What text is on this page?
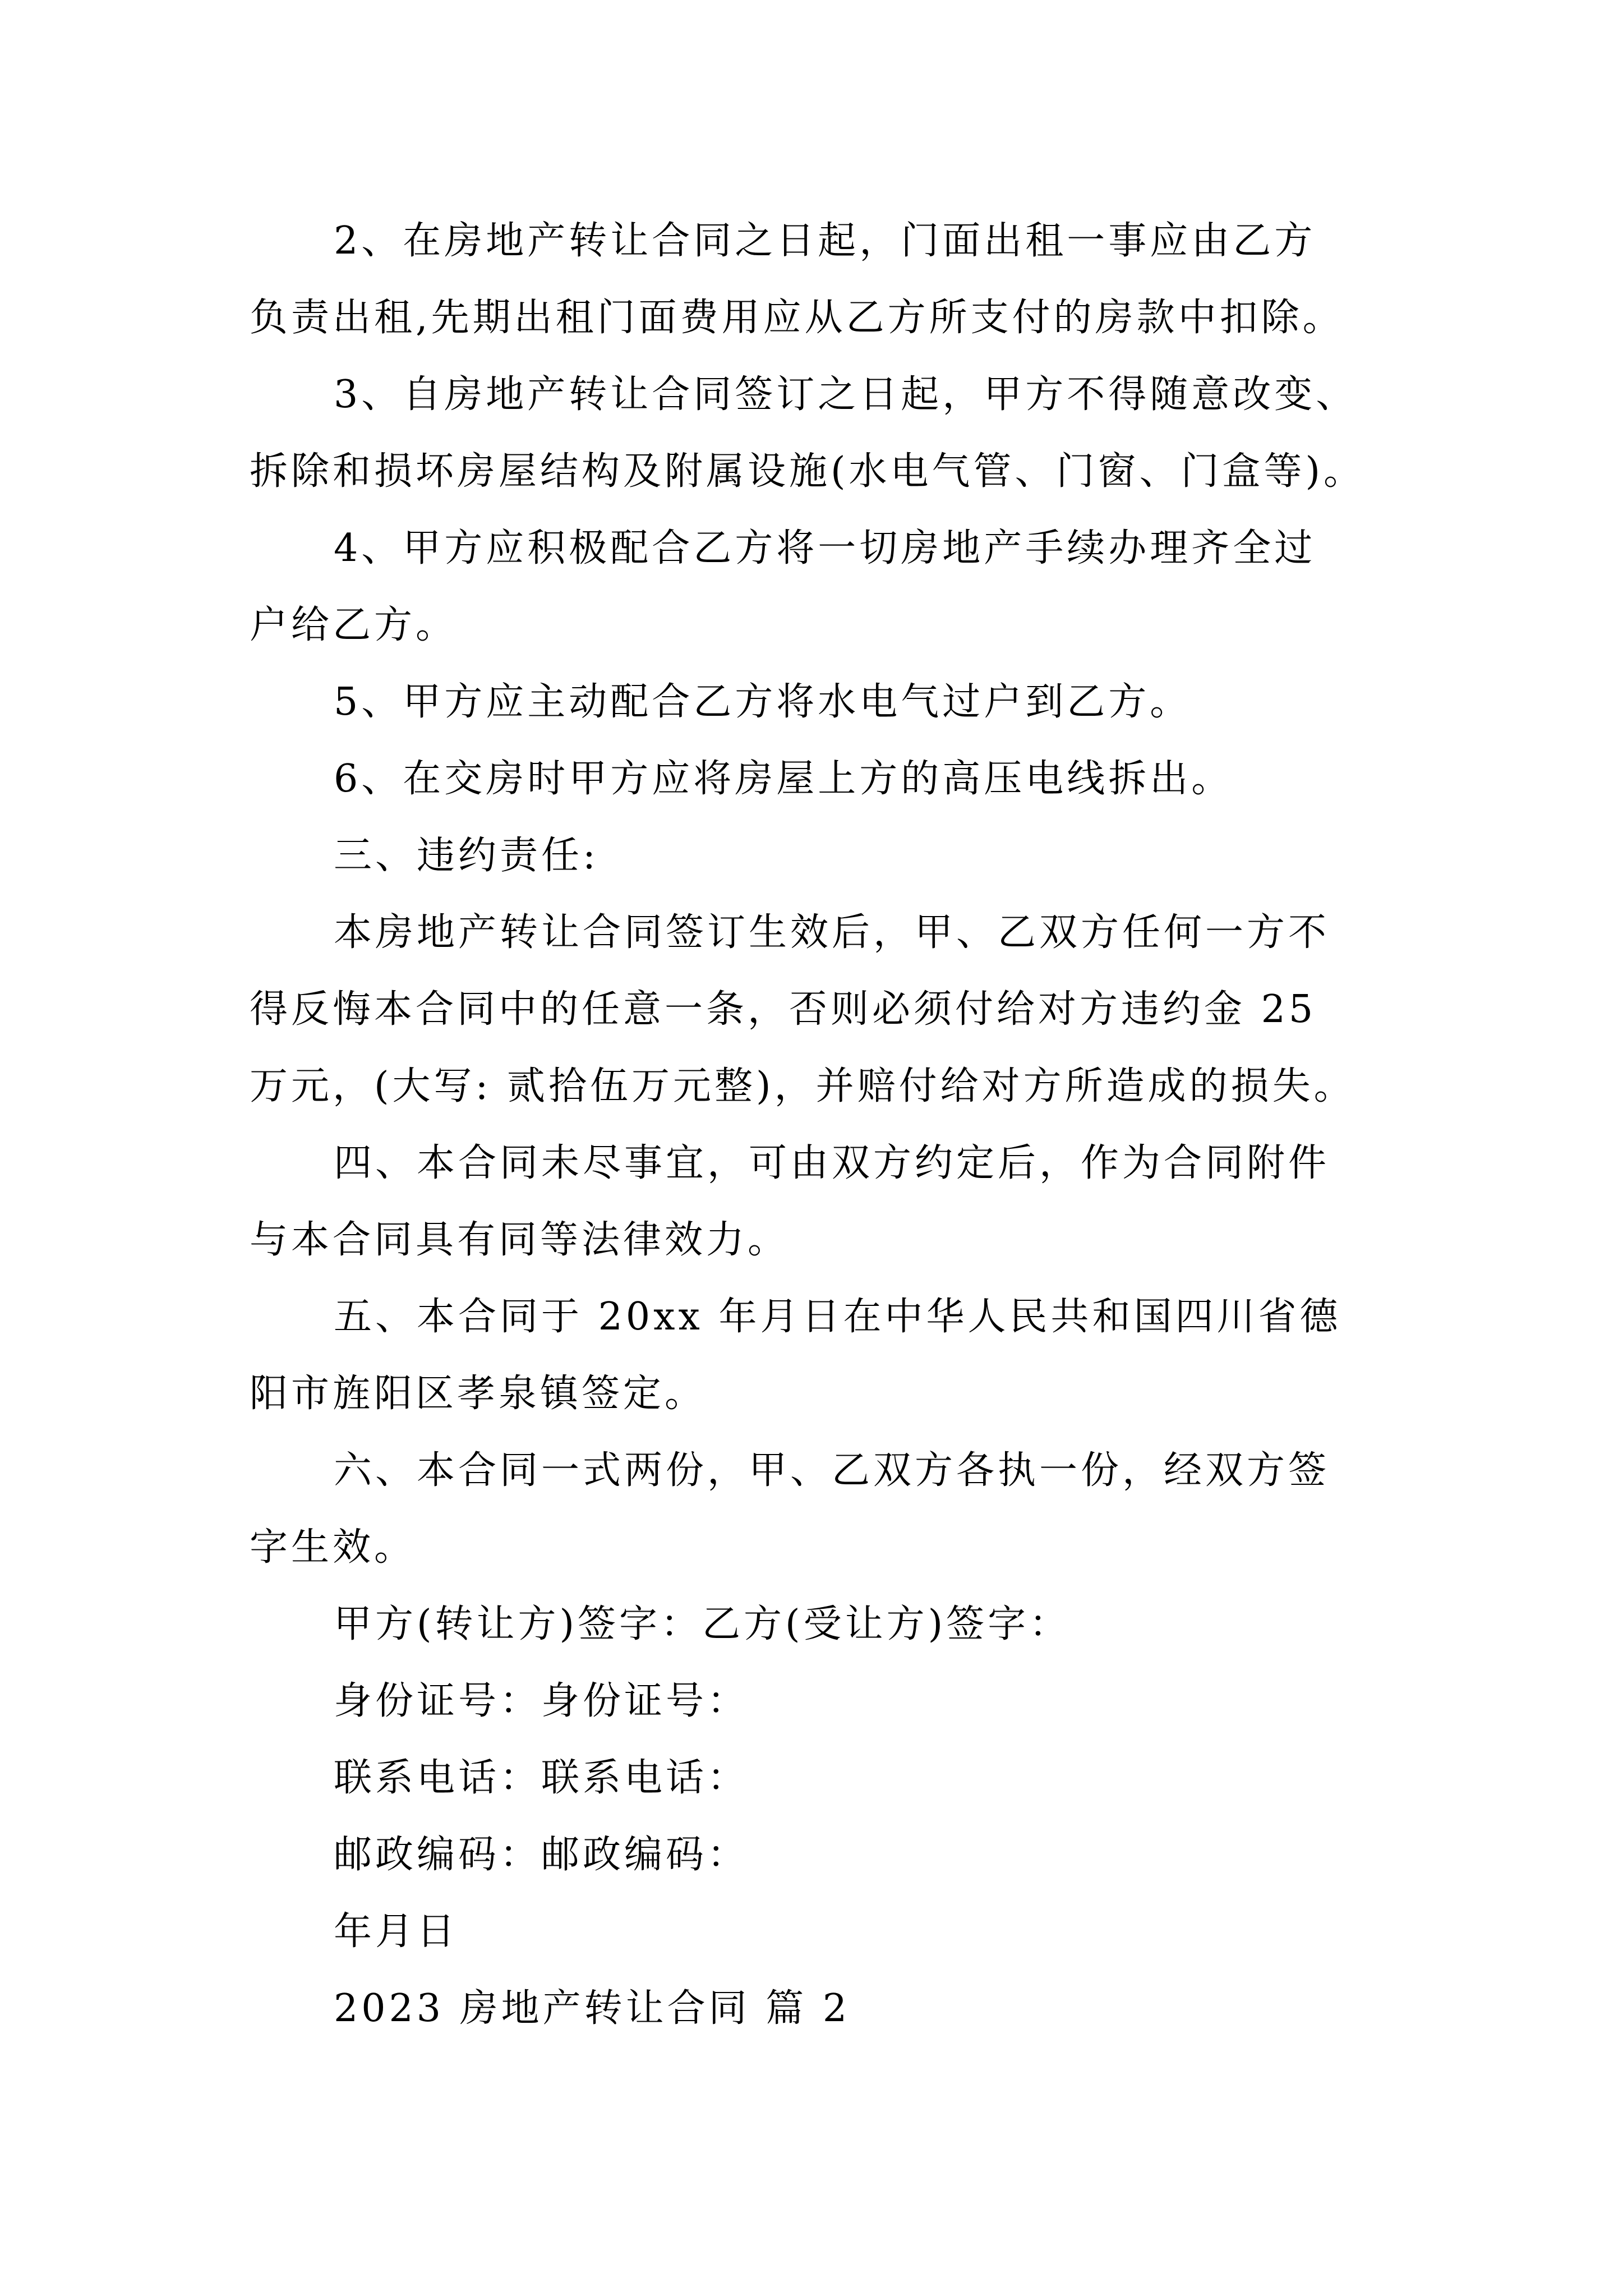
2、在房地产转让合同之日起，门面出租一事应由乙方
负责出租,先期出租门面费用应从乙方所支付的房款中扣除。
3、自房地产转让合同签订之日起，甲方不得随意改变、
拆除和损坏房屋结构及附属设施(水电气管、门窗、门盒等)。
4、甲方应积极配合乙方将一切房地产手续办理齐全过
户给乙方。
5、甲方应主动配合乙方将水电气过户到乙方。
6、在交房时甲方应将房屋上方的高压电线拆出。
三、违约责任:
本房地产转让合同签订生效后，甲、乙双方任何一方不
得反悔本合同中的任意一条，否则必须付给对方违约金 25
万元，(大写: 贰拾伍万元整)，并赔付给对方所造成的损失。
四、本合同未尽事宜，可由双方约定后，作为合同附件
与本合同具有同等法律效力。
五、本合同于 20xx 年月日在中华人民共和国四川省德
阳市旌阳区孝泉镇签定。
六、本合同一式两份，甲、乙双方各执一份，经双方签
字生效。
甲方(转让方)签字：乙方(受让方)签字：
身份证号：身份证号：
联系电话：联系电话：
邮政编码：邮政编码：
年月日
2023 房地产转让合同 篇 2
